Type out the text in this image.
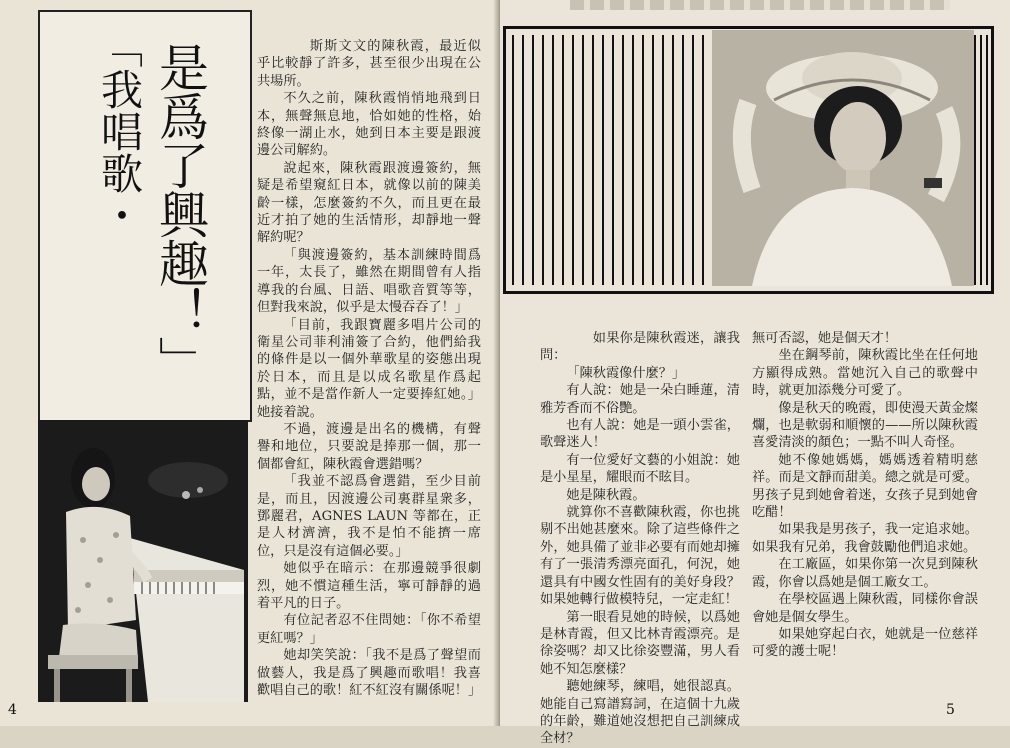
是爲了興趣！」
「我唱歌・	斯斯文文的陳秋霞，最近似乎比較靜了許多，甚至很少出現在公共場所。

不久之前，陳秋霞悄悄地飛到日本，無聲無息地，恰如她的性格，始終像一湖止水，她到日本主要是跟渡邊公司解約。

說起來，陳秋霞跟渡邊簽約，無疑是希望窺紅日本，就像以前的陳美齡一樣，怎麼簽約不久，而且更在最近才拍了她的生活情形，却靜地一聲解約呢？

「與渡邊簽約，基本訓練時間爲一年，太長了，雖然在期間曾有人指導我的台風、日語、唱歌音質等等，但對我來說，似乎是太慢吞吞了！」

「目前，我跟寶麗多唱片公司的衛星公司菲利浦簽了合約，他們給我的條件是以一個外華歌星的姿態出現於日本，而且是以成名歌星作爲起點，並不是當作新人一定要捧紅她。」她接着說。

不過，渡邊是出名的機構，有聲譽和地位，只要說是捧那一個，那一個都會紅，陳秋霞會選錯嗎？

「我並不認爲會選錯，至少目前是，而且，因渡邊公司裏群星衆多，鄧麗君，AGNES LAUN 等都在，正是人材濟濟，我不是怕不能擠一席位，只是沒有這個必要。」

她似乎在暗示：在那邊競爭很劇烈，她不慣這種生活，寧可靜靜的過着平凡的日子。

有位記者忍不住問她：「你不希望更紅嗎？」

她却笑笑說：「我不是爲了聲望而做藝人，我是爲了興趣而歌唱！我喜歡唱自己的歌！紅不紅沒有關係呢！」

4

如果你是陳秋霞迷，讓我問：

「陳秋霞像什麼？」

有人說：她是一朵白睡蓮，清雅芳香而不俗艷。

也有人說：她是一頭小雲雀，歌聲迷人！

有一位愛好文藝的小姐說：她是小星星，耀眼而不眩目。

她是陳秋霞。

就算你不喜歡陳秋霞，你也挑剔不出她甚麼來。除了這些條件之外，她具備了並非必要有而她却擁有了一張清秀漂亮面孔，何況，她還具有中國女性固有的美好身段？如果她轉行做模特兒，一定走紅！

第一眼看見她的時候，以爲她是林青霞，但又比林青霞漂亮。是徐姿嗎？却又比徐姿豐滿，男人看她不知怎麼樣？

聽她練琴，練唱，她很認真。她能自己寫譜寫詞，在這個十九歲的年齡，難道她沒想把自己訓練成全材？

無可否認，她是個天才！

坐在鋼琴前，陳秋霞比坐在任何地方顯得成熟。當她沉入自己的歌聲中時，就更加添幾分可愛了。

像是秋天的晚霞，即使漫天黃金燦爛，也是軟弱和順懷的——所以陳秋霞喜愛清淡的顏色；一點不叫人奇怪。

她不像她媽媽，媽媽透着精明慈祥。而是文靜而甜美。總之就是可愛。男孩子見到她會着迷，女孩子見到她會吃醋！

如果我是男孩子，我一定追求她。如果我有兄弟，我會鼓勵他們追求她。

在工廠區，如果你第一次見到陳秋霞，你會以爲她是個工廠女工。

在學校區遇上陳秋霞，同樣你會誤會她是個女學生。

如果她穿起白衣，她就是一位慈祥可愛的護士呢！

5
